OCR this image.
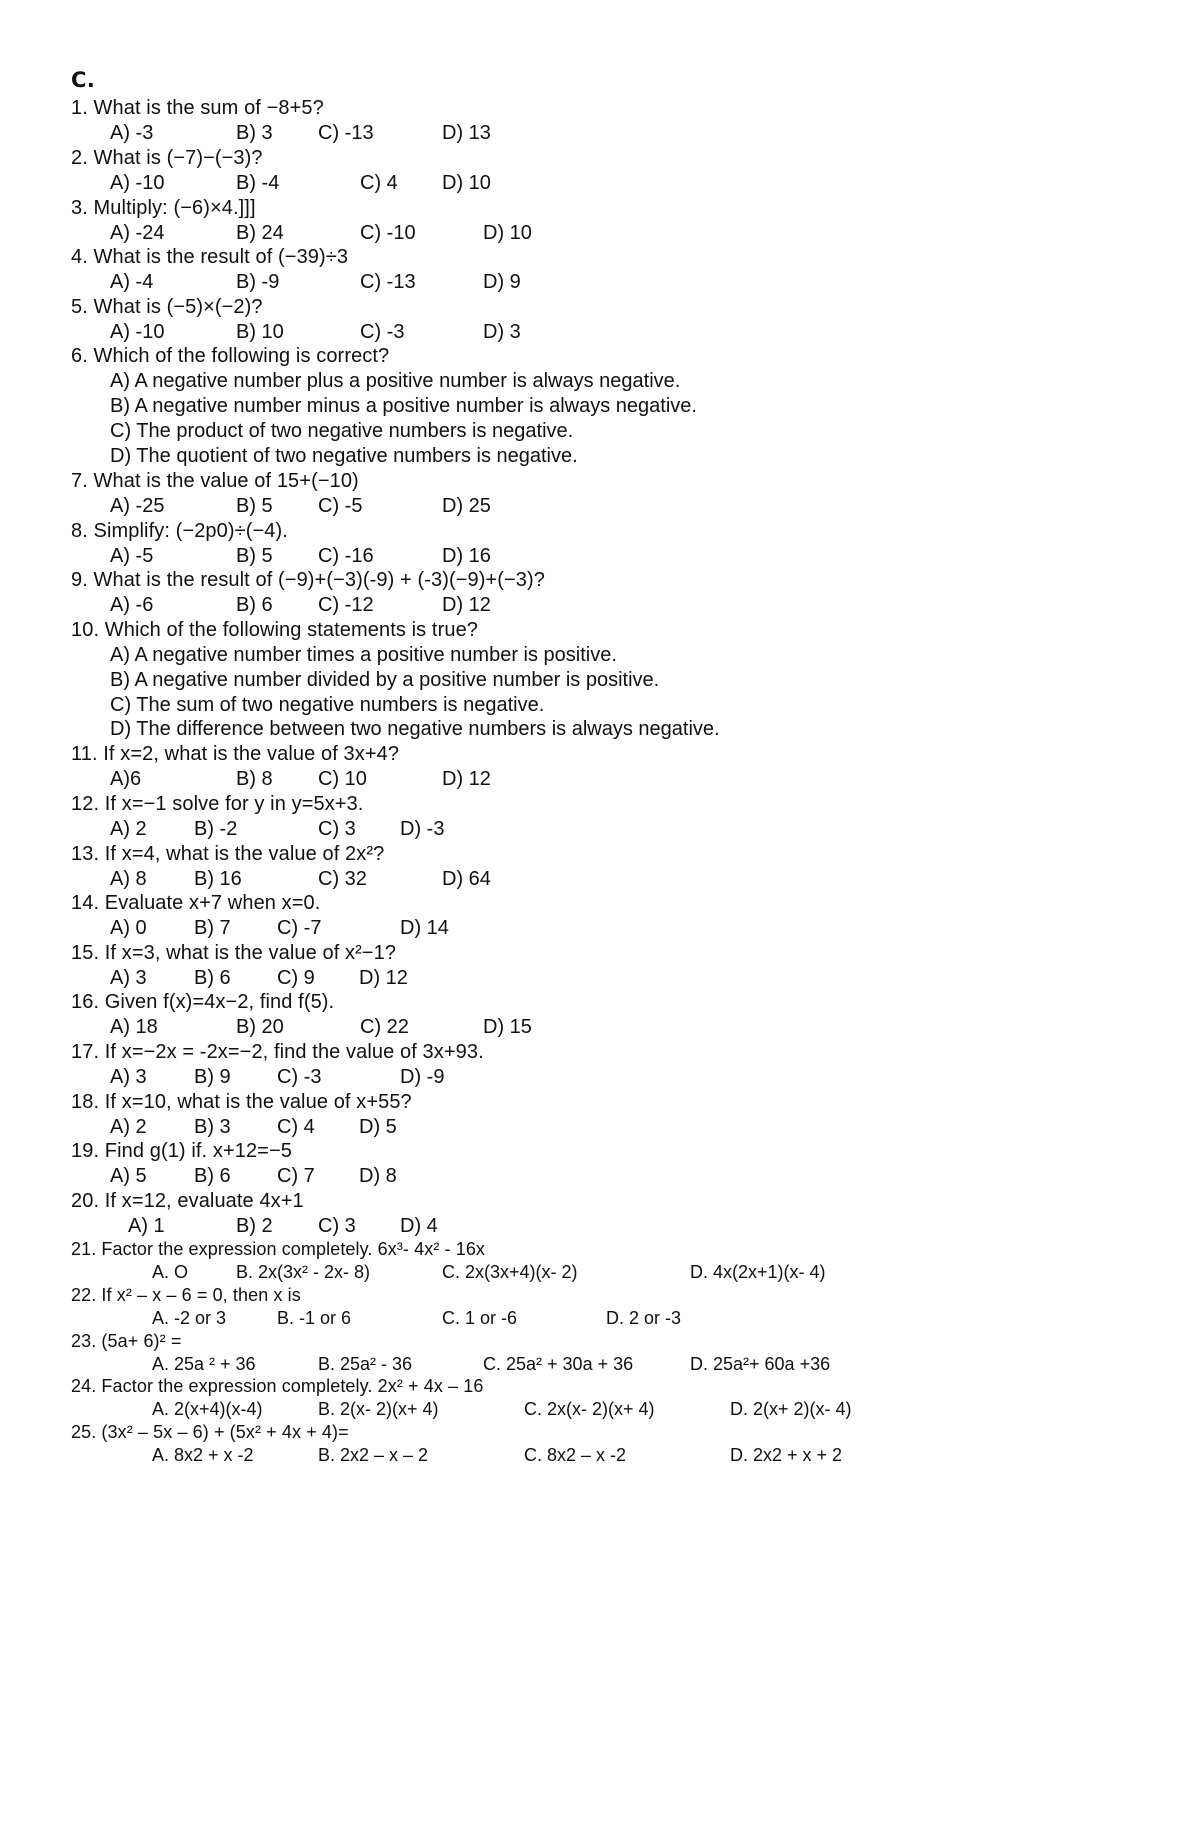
C.
1. What is the sum of −8+5?
A) -3	B) 3 C) -13	D) 13
2. What is (−7)−(−3)?
A) -10	B) -4	C) 4 D) 10
3. Multiply: (−6)×4.]]]
A) -24	B) 24	C) -10	D) 10
4. What is the result of (−39)÷3
A) -4	B) -9	C) -13	D) 9
5. What is (−5)×(−2)?
A) -10	B) 10	C) -3	D) 3
6. Which of the following is correct?
A) A negative number plus a positive number is always negative.
B) A negative number minus a positive number is always negative.
C) The product of two negative numbers is negative.
D) The quotient of two negative numbers is negative.
7. What is the value of 15+(−10)
A) -25	B) 5 C) -5	D) 25
8. Simplify: (−2p0)÷(−4).
A) -5	B) 5 C) -16	D) 16
9. What is the result of (−9)+(−3)(-9) + (-3)(−9)+(−3)?
A) -6	B) 6 C) -12	D) 12
10. Which of the following statements is true?
A) A negative number times a positive number is positive.
B) A negative number divided by a positive number is positive.
C) The sum of two negative numbers is negative.
D) The difference between two negative numbers is always negative.
11. If x=2, what is the value of 3x+4?
A)6	B) 8 C) 10	D) 12
12. If x=−1 solve for y in y=5x+3.
A) 2 B) -2	C) 3 D) -3
13. If x=4, what is the value of 2x²?
A) 8 B) 16	C) 32	D) 64
14. Evaluate x+7 when x=0.
A) 0 B) 7 C) -7	D) 14
15. If x=3, what is the value of x²−1?
A) 3 B) 6 C) 9 D) 12
16. Given f(x)=4x−2, find f(5).
A) 18	B) 20	C) 22	D) 15
17. If x=−2x = -2x=−2, find the value of 3x+93.
A) 3 B) 9 C) -3	D) -9
18. If x=10, what is the value of x+55?
A) 2 B) 3 C) 4 D) 5
19. Find g(1) if. x+12=−5
A) 5 B) 6 C) 7 D) 8
20. If x=12, evaluate 4x+1
A) 1	B) 2 C) 3 D) 4
21. Factor the expression completely. 6x³- 4x² - 16x
A. O	B. 2x(3x² - 2x- 8)	C. 2x(3x+4)(x- 2)	D. 4x(2x+1)(x- 4)
22. If x² – x – 6 = 0, then x is
A. -2 or 3	B. -1 or 6	C. 1 or -6	D. 2 or -3
23. (5a+ 6)² =
A. 25a ² + 36	B. 25a² - 36	C. 25a² + 30a + 36	D. 25a²+ 60a +36
24. Factor the expression completely. 2x² + 4x – 16
A. 2(x+4)(x-4)	B. 2(x- 2)(x+ 4)	C. 2x(x- 2)(x+ 4)	D. 2(x+ 2)(x- 4)
25. (3x² – 5x – 6) + (5x² + 4x + 4)=
A. 8x2 + x -2	B. 2x2 – x – 2	C. 8x2 – x -2	D. 2x2 + x + 2
